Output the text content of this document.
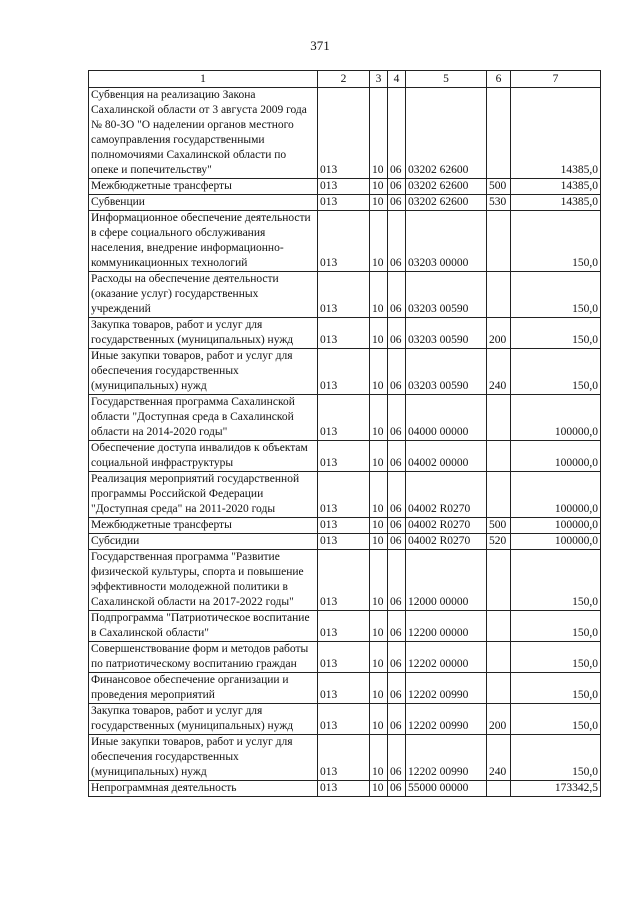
371
1	2	3	4	5	6	7
Субвенция на реализацию Закона Сахалинской области от 3 августа 2009 года № 80-ЗО "О наделении органов местного самоуправления государственными полномочиями Сахалинской области по опеке и попечительству"	013	10	06	03202 62600		14385,0
Межбюджетные трансферты	013	10	06	03202 62600	500	14385,0
Субвенции	013	10	06	03202 62600	530	14385,0
Информационное обеспечение деятельности в сфере социального обслуживания населения, внедрение информационно-коммуникационных технологий	013	10	06	03203 00000		150,0
Расходы на обеспечение деятельности (оказание услуг) государственных учреждений	013	10	06	03203 00590		150,0
Закупка товаров, работ и услуг для государственных (муниципальных) нужд	013	10	06	03203 00590	200	150,0
Иные закупки товаров, работ и услуг для обеспечения государственных (муниципальных) нужд	013	10	06	03203 00590	240	150,0
Государственная программа Сахалинской области "Доступная среда в Сахалинской области на 2014-2020 годы"	013	10	06	04000 00000		100000,0
Обеспечение доступа инвалидов к объектам социальной инфраструктуры	013	10	06	04002 00000		100000,0
Реализация мероприятий государственной программы Российской Федерации "Доступная среда" на 2011-2020 годы	013	10	06	04002 R0270		100000,0
Межбюджетные трансферты	013	10	06	04002 R0270	500	100000,0
Субсидии	013	10	06	04002 R0270	520	100000,0
Государственная программа "Развитие физической культуры, спорта и повышение эффективности молодежной политики в Сахалинской области на 2017-2022 годы"	013	10	06	12000 00000		150,0
Подпрограмма "Патриотическое воспитание в Сахалинской области"	013	10	06	12200 00000		150,0
Совершенствование форм и методов работы по патриотическому воспитанию граждан	013	10	06	12202 00000		150,0
Финансовое обеспечение организации и проведения мероприятий	013	10	06	12202 00990		150,0
Закупка товаров, работ и услуг для государственных (муниципальных) нужд	013	10	06	12202 00990	200	150,0
Иные закупки товаров, работ и услуг для обеспечения государственных (муниципальных) нужд	013	10	06	12202 00990	240	150,0
Непрограммная деятельность	013	10	06	55000 00000		173342,5
